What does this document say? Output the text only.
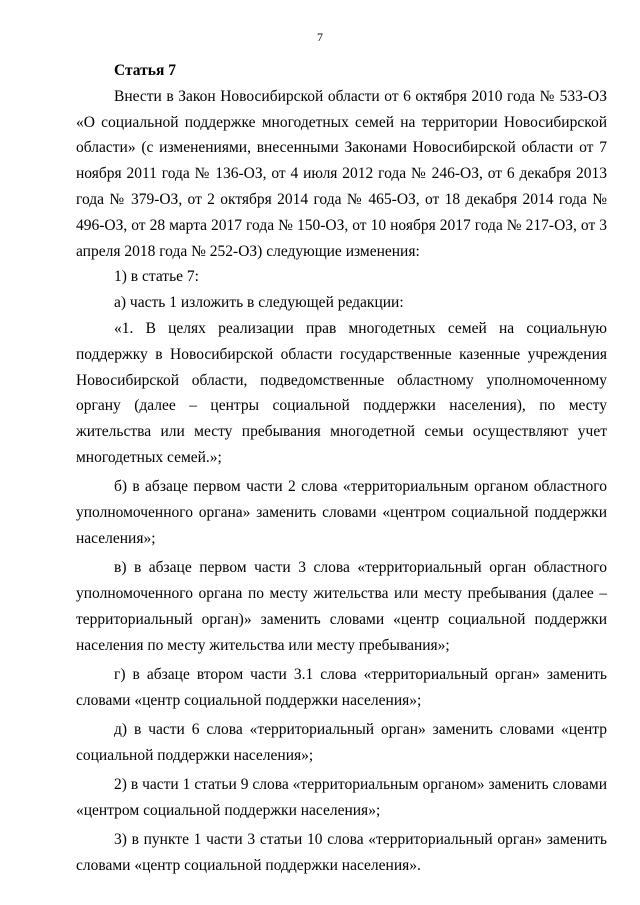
7

Статья 7

Внести в Закон Новосибирской области от 6 октября 2010 года № 533-ОЗ «О социальной поддержке многодетных семей на территории Новосибирской области» (с изменениями, внесенными Законами Новосибирской области от 7 ноября 2011 года № 136-ОЗ, от 4 июля 2012 года № 246-ОЗ, от 6 декабря 2013 года № 379-ОЗ, от 2 октября 2014 года № 465-ОЗ, от 18 декабря 2014 года № 496-ОЗ, от 28 марта 2017 года № 150-ОЗ, от 10 ноября 2017 года № 217-ОЗ, от 3 апреля 2018 года № 252-ОЗ) следующие изменения:

1) в статье 7:

а) часть 1 изложить в следующей редакции:

«1. В целях реализации прав многодетных семей на социальную поддержку в Новосибирской области государственные казенные учреждения Новосибирской области, подведомственные областному уполномоченному органу (далее – центры социальной поддержки населения), по месту жительства или месту пребывания многодетной семьи осуществляют учет многодетных семей.»;

б) в абзаце первом части 2 слова «территориальным органом областного уполномоченного органа» заменить словами «центром социальной поддержки населения»;

в) в абзаце первом части 3 слова «территориальный орган областного уполномоченного органа по месту жительства или месту пребывания (далее – территориальный орган)» заменить словами «центр социальной поддержки населения по месту жительства или месту пребывания»;

г) в абзаце втором части 3.1 слова «территориальный орган» заменить словами «центр социальной поддержки населения»;

д) в части 6 слова «территориальный орган» заменить словами «центр социальной поддержки населения»;

2) в части 1 статьи 9 слова «территориальным органом» заменить словами «центром социальной поддержки населения»;

3) в пункте 1 части 3 статьи 10 слова «территориальный орган» заменить словами «центр социальной поддержки населения».
